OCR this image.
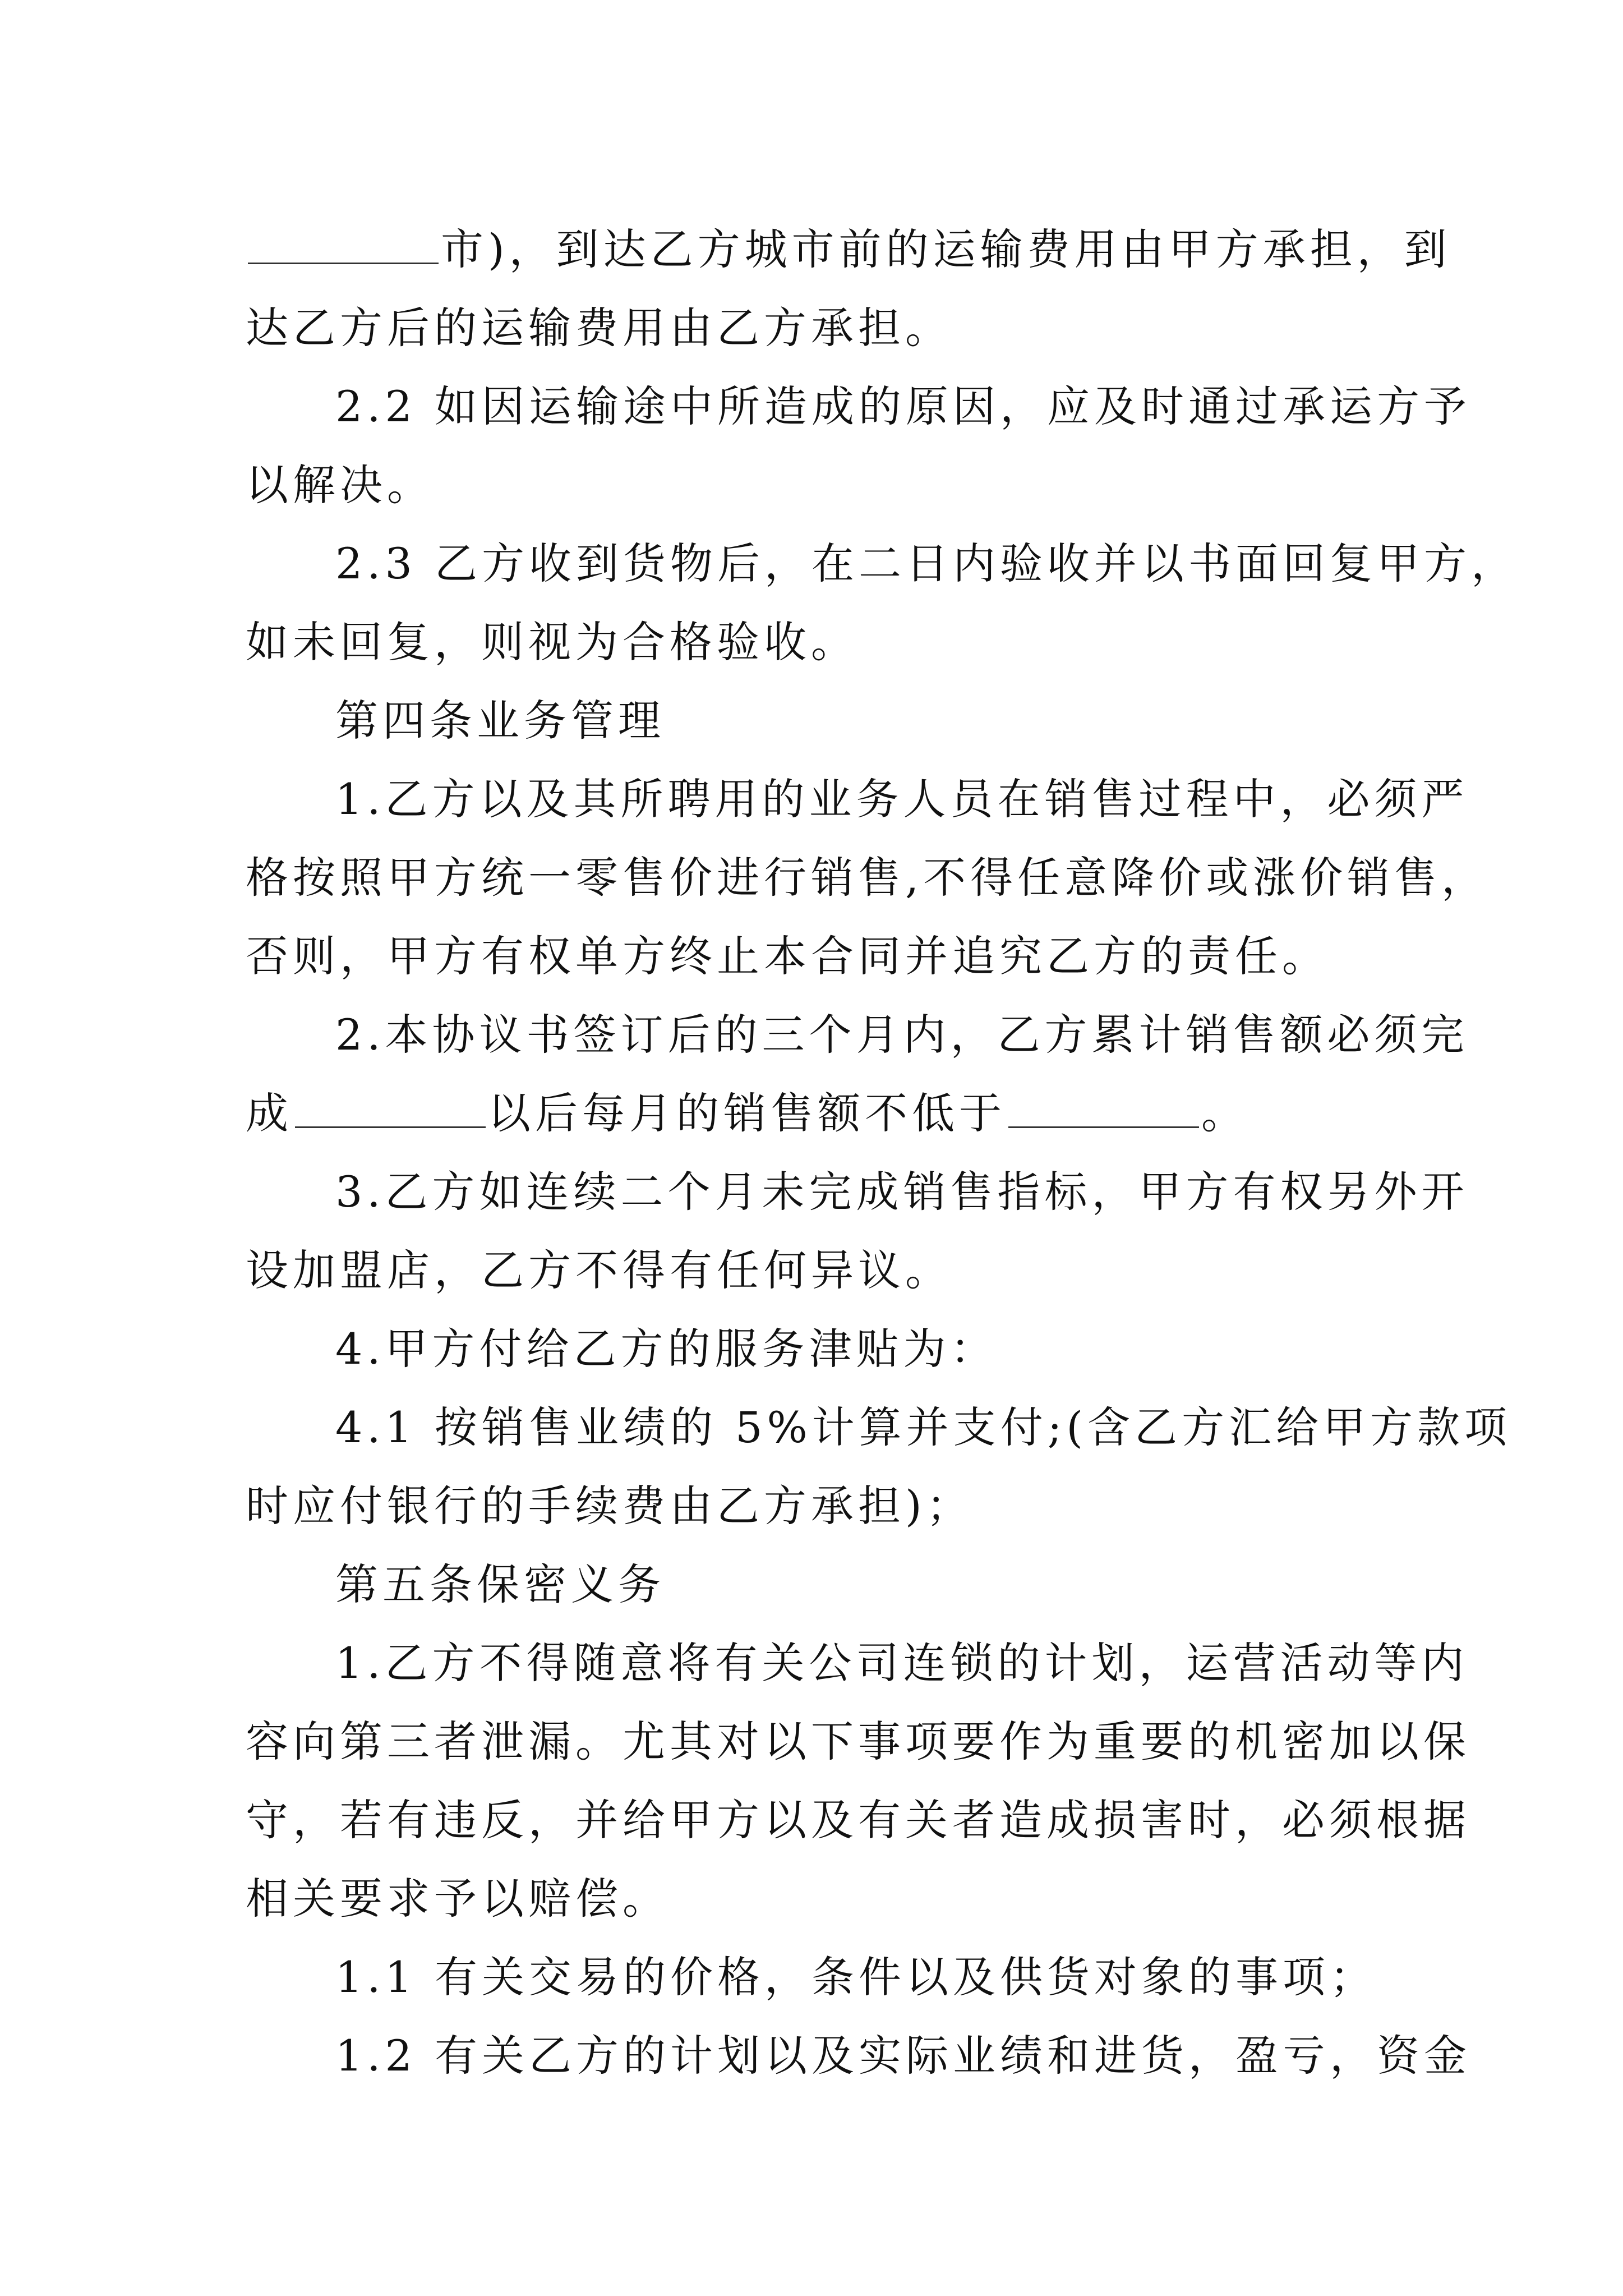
市)，到达乙方城市前的运输费用由甲方承担，到

达乙方后的运输费用由乙方承担。

2.2 如因运输途中所造成的原因，应及时通过承运方予

以解决。

2.3 乙方收到货物后，在二日内验收并以书面回复甲方，

如未回复，则视为合格验收。

第四条业务管理

1.乙方以及其所聘用的业务人员在销售过程中，必须严

格按照甲方统一零售价进行销售,不得任意降价或涨价销售，

否则，甲方有权单方终止本合同并追究乙方的责任。

2.本协议书签订后的三个月内，乙方累计销售额必须完

成	以后每月的销售额不低于	。

3.乙方如连续二个月未完成销售指标，甲方有权另外开

设加盟店，乙方不得有任何异议。

4.甲方付给乙方的服务津贴为：

4.1 按销售业绩的 5%计算并支付;(含乙方汇给甲方款项

时应付银行的手续费由乙方承担)；

第五条保密义务

1.乙方不得随意将有关公司连锁的计划，运营活动等内

容向第三者泄漏。尤其对以下事项要作为重要的机密加以保

守，若有违反，并给甲方以及有关者造成损害时，必须根据

相关要求予以赔偿。

1.1 有关交易的价格，条件以及供货对象的事项；

1.2 有关乙方的计划以及实际业绩和进货，盈亏，资金
